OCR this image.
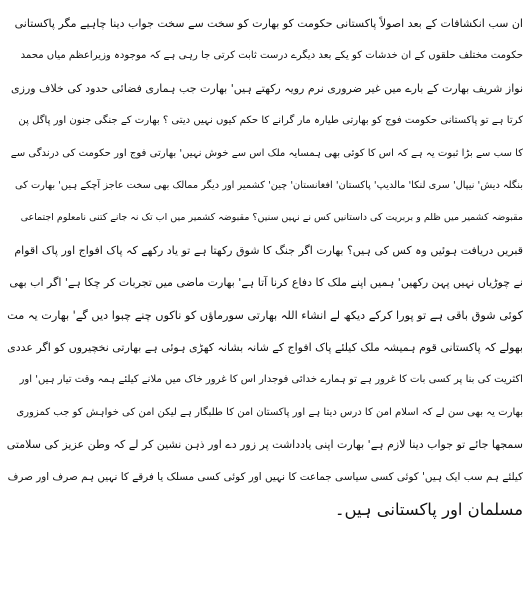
ان سب انکشافات کے بعد اصولاً پاکستانی حکومت کو بھارت کو سخت سے سخت جواب دینا چاہیے مگر پاکستانی
حکومت مختلف حلقوں کے ان خدشات کو یکے بعد دیگرے درست ثابت کرتی جا رہی ہے کہ موجودہ وزیراعظم میاں محمد
نواز شریف بھارت کے بارے میں غیر ضروری نرم رویہ رکھتے ہیں' بھارت جب ہماری فضائی حدود کی خلاف ورزی
کرتا ہے تو پاکستانی حکومت فوج کو بھارتی طیارہ مار گرانے کا حکم کیوں نہیں دیتی ؟ بھارت کے جنگی جنون اور پاگل پن
کا سب سے بڑا ثبوت یہ ہے کہ اس کا کوئی بھی ہمسایہ ملک اس سے خوش نہیں' بھارتی فوج اور حکومت کی درندگی سے
بنگلہ دیش' نیپال' سری لنکا' مالدیپ' پاکستان' افغانستان' چین' کشمیر اور دیگر ممالک بھی سخت عاجز آچکے ہیں' بھارت کی
مقبوضہ کشمیر میں ظلم و بربریت کی داستانیں کس نے نہیں سنیں؟ مقبوضہ کشمیر میں اب تک نہ جانے کتنی نامعلوم اجتماعی
قبریں دریافت ہوئیں وہ کس کی ہیں؟ بھارت اگر جنگ کا شوق رکھتا ہے تو یاد رکھے کہ پاک افواج اور پاک اقوام
نے چوڑیاں نہیں پہن رکھیں' ہمیں اپنے ملک کا دفاع کرنا آتا ہے' بھارت ماضی میں تجربات کر چکا ہے' اگر اب بھی
کوئی شوق باقی ہے تو پورا کرکے دیکھ لے انشاء اللہ بھارتی سورماؤں کو ناکوں چنے چبوا دیں گے' بھارت یہ مت
بھولے کہ پاکستانی قوم ہمیشہ ملک کیلئے پاک افواج کے شانہ بشانہ کھڑی ہوئی ہے بھارتی نخچیروں کو اگر عددی
اکثریت کی بنا پر کسی بات کا غرور ہے تو ہمارے خدائی فوجدار اس کا غرور خاک میں ملانے کیلئے ہمہ وقت تیار ہیں' اور
بھارت یہ بھی سن لے کہ اسلام امن کا درس دیتا ہے اور پاکستان امن کا طلبگار ہے لیکن امن کی خواہش کو جب کمزوری
سمجھا جائے تو جواب دینا لازم ہے' بھارت اپنی یادداشت پر زور دے اور ذہن نشین کر لے کہ وطن عزیز کی سلامتی
کیلئے ہم سب ایک ہیں' کوئی کسی سیاسی جماعت کا نہیں اور کوئی کسی مسلک یا فرقے کا نہیں ہم صرف اور صرف
مسلمان اور پاکستانی ہیں۔
